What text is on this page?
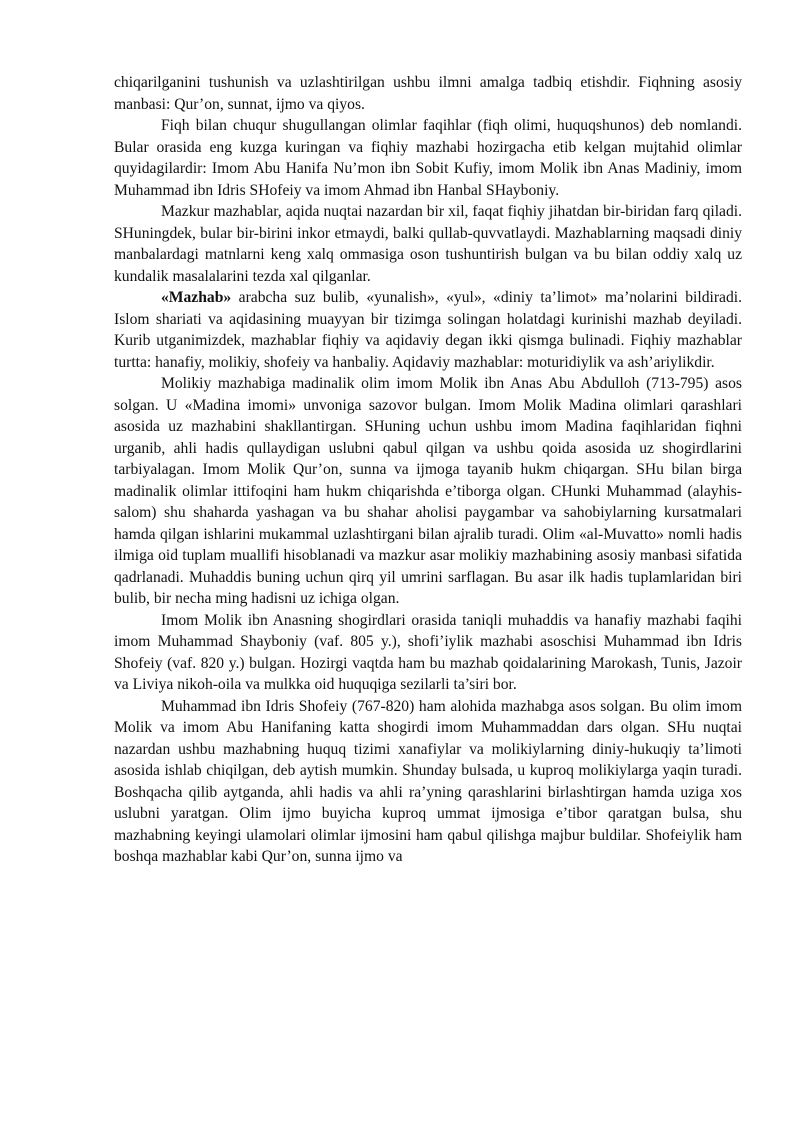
chiqarilganini tushunish va uzlashtirilgan ushbu ilmni amalga tadbiq etishdir. Fiqhning asosiy manbasi: Qur’on, sunnat, ijmo va qiyos.

Fiqh bilan chuqur shugullangan olimlar faqihlar (fiqh olimi, huquqshunos) deb nomlandi. Bular orasida eng kuzga kuringan va fiqhiy mazhabi hozirgacha etib kelgan mujtahid olimlar quyidagilardir: Imom Abu Hanifa Nu’mon ibn Sobit Kufiy, imom Molik ibn Anas Madiniy, imom Muhammad ibn Idris SHofeiy va imom Ahmad ibn Hanbal SHayboniy.

Mazkur mazhablar, aqida nuqtai nazardan bir xil, faqat fiqhiy jihatdan bir-biridan farq qiladi. SHuningdek, bular bir-birini inkor etmaydi, balki qullab-quvvatlaydi. Mazhablarning maqsadi diniy manbalardagi matnlarni keng xalq ommasiga oson tushuntirish bulgan va bu bilan oddiy xalq uz kundalik masalalarini tezda xal qilganlar.

«Mazhab» arabcha suz bulib, «yunalish», «yul», «diniy ta’limot» ma’nolarini bildiradi. Islom shariati va aqidasining muayyan bir tizimga solingan holatdagi kurinishi mazhab deyiladi. Kurib utganimizdek, mazhablar fiqhiy va aqidaviy degan ikki qismga bulinadi. Fiqhiy mazhablar turtta: hanafiy, molikiy, shofeiy va hanbaliy. Aqidaviy mazhablar: moturidiylik va ash’ariylikdir.

Molikiy mazhabiga madinalik olim imom Molik ibn Anas Abu Abdulloh (713-795) asos solgan. U «Madina imomi» unvoniga sazovor bulgan. Imom Molik Madina olimlari qarashlari asosida uz mazhabini shakllantirgan. SHuning uchun ushbu imom Madina faqihlaridan fiqhni urganib, ahli hadis qullaydigan uslubni qabul qilgan va ushbu qoida asosida uz shogirdlarini tarbiyalagan. Imom Molik Qur’on, sunna va ijmoga tayanib hukm chiqargan. SHu bilan birga madinalik olimlar ittifoqini ham hukm chiqarishda e’tiborga olgan. CHunki Muhammad (alayhis-salom) shu shaharda yashagan va bu shahar aholisi paygambar va sahobiylarning kursatmalari hamda qilgan ishlarini mukammal uzlashtirgani bilan ajralib turadi. Olim «al-Muvatto» nomli hadis ilmiga oid tuplam muallifi hisoblanadi va mazkur asar molikiy mazhabining asosiy manbasi sifatida qadrlanadi. Muhaddis buning uchun qirq yil umrini sarflagan. Bu asar ilk hadis tuplamlaridan biri bulib, bir necha ming hadisni uz ichiga olgan.

Imom Molik ibn Anasning shogirdlari orasida taniqli muhaddis va hanafiy mazhabi faqihi imom Muhammad Shayboniy (vaf. 805 y.), shofi’iylik mazhabi asoschisi Muhammad ibn Idris Shofeiy (vaf. 820 y.) bulgan. Hozirgi vaqtda ham bu mazhab qoidalarining Marokash, Tunis, Jazoir va Liviya nikoh-oila va mulkka oid huquqiga sezilarli ta’siri bor.

Muhammad ibn Idris Shofeiy (767-820) ham alohida mazhabga asos solgan. Bu olim imom Molik va imom Abu Hanifaning katta shogirdi imom Muhammaddan dars olgan. SHu nuqtai nazardan ushbu mazhabning huquq tizimi xanafiylar va molikiylarning diniy-hukuqiy ta’limoti asosida ishlab chiqilgan, deb aytish mumkin. Shunday bulsada, u kuproq molikiylarga yaqin turadi. Boshqacha qilib aytganda, ahli hadis va ahli ra’yning qarashlarini birlashtirgan hamda uziga xos uslubni yaratgan. Olim ijmo buyicha kuproq ummat ijmosiga e’tibor qaratgan bulsa, shu mazhabning keyingi ulamolari olimlar ijmosini ham qabul qilishga majbur buldilar. Shofeiylik ham boshqa mazhablar kabi Qur’on, sunna ijmo va
